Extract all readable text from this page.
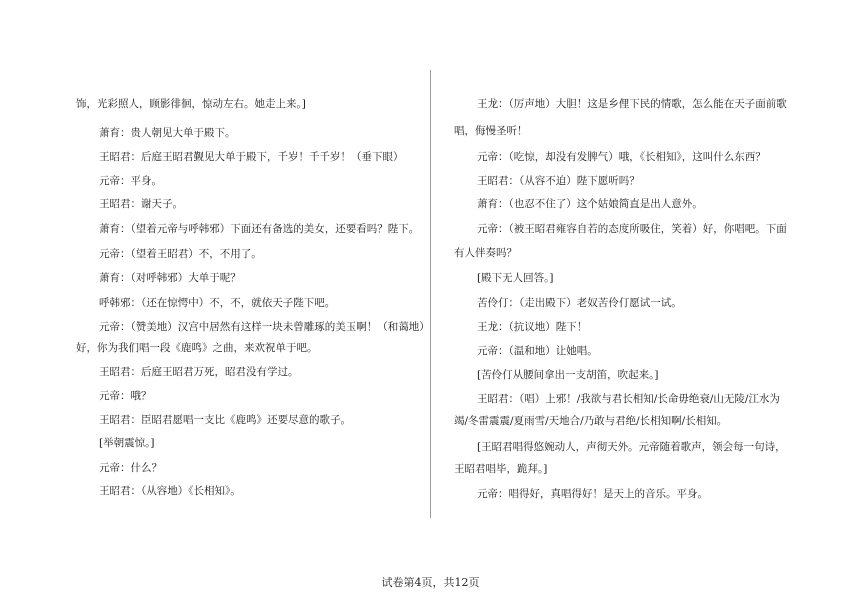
饰，光彩照人，顾影徘徊，惊动左右。她走上来。]
萧育：贵人朝见大单于殿下。
王昭君：后庭王昭君觐见大单于殿下，千岁！千千岁！（垂下眼）
元帝：平身。
王昭君：谢天子。
萧育：（望着元帝与呼韩邪）下面还有备选的美女，还要看吗？陛下。
元帝：（望着王昭君）不，不用了。
萧育：（对呼韩邪）大单于呢？
呼韩邪：（还在惊愕中）不，不，就依天子陛下吧。
元帝：（赞美地）汉宫中居然有这样一块未曾雕琢的美玉啊！（和蔼地）
好，你为我们唱一段《鹿鸣》之曲，来欢祝单于吧。
王昭君：后庭王昭君万死，昭君没有学过。
元帝：哦？
王昭君：臣昭君愿唱一支比《鹿鸣》还要尽意的歌子。
[举朝震惊。]
元帝：什么？
王昭君：（从容地）《长相知》。
王龙：（厉声地）大胆！这是乡俚下民的情歌，怎么能在天子面前歌
唱，侮慢圣听！
元帝：（吃惊，却没有发脾气）哦，《长相知》，这叫什么东西？
王昭君：（从容不迫）陛下愿听吗？
萧育：（也忍不住了）这个姑娘简直是出人意外。
元帝：（被王昭君雍容自若的态度所吸住，笑着）好，你唱吧。下面
有人伴奏吗？
[殿下无人回答。]
苦伶仃：（走出殿下）老奴苦伶仃愿试一试。
王龙：（抗议地）陛下！
元帝：（温和地）让她唱。
[苦伶仃从腰间拿出一支胡笛，吹起来。]
王昭君：（唱）上邪！/我欲与君长相知/长命毋绝衰/山无陵/江水为
竭/冬雷震震/夏雨雪/天地合/乃敢与君绝/长相知啊/长相知。
[王昭君唱得悠婉动人，声彻天外。元帝随着歌声，领会每一句诗，
王昭君唱毕，跪拜。]
元帝：唱得好，真唱得好！是天上的音乐。平身。
试卷第4页，共12页
